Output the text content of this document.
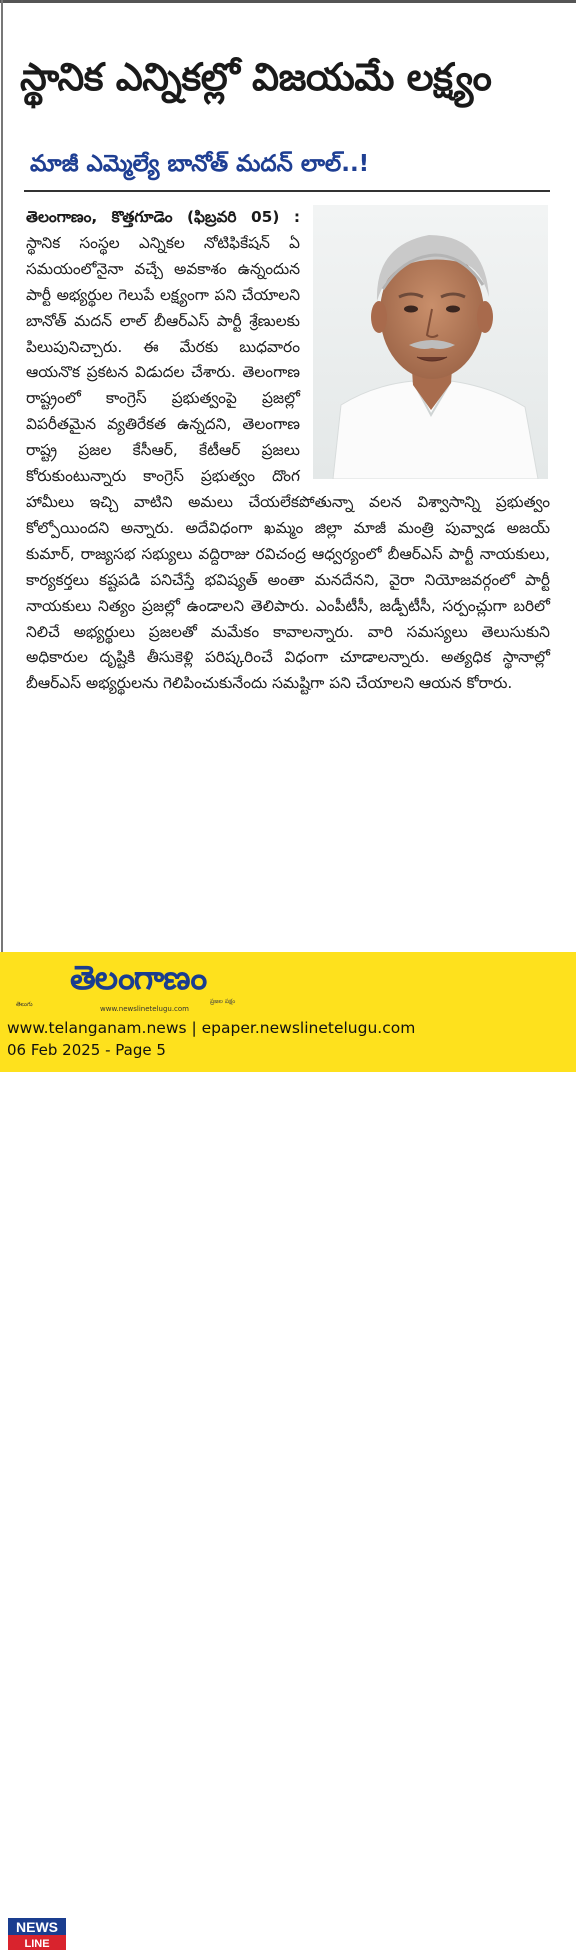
స్థానిక ఎన్నికల్లో విజయమే లక్ష్యం
మాజీ ఎమ్మెల్యే బానోత్ మదన్ లాల్..!
తెలంగాణం, కొత్తగూడెం (ఫిబ్రవరి 05) : స్థానిక సంస్థల ఎన్నికల నోటిఫికేషన్ ఏ సమయంలోనైనా వచ్చే అవకాశం ఉన్నందున పార్టీ అభ్యర్థుల గెలుపే లక్ష్యంగా పని చేయాలని బానోత్ మదన్ లాల్ బీఆర్ఎస్ పార్టీ శ్రేణులకు పిలుపునిచ్చారు. ఈ మేరకు బుధవారం ఆయనొక ప్రకటన విడుదల చేశారు. తెలంగాణ రాష్ట్రంలో కాంగ్రెస్ ప్రభుత్వంపై ప్రజల్లో విపరీతమైన వ్యతిరేకత ఉన్నదని, తెలంగాణ రాష్ట్ర ప్రజల కేసీఆర్, కేటీఆర్ ప్రజలు కోరుకుంటున్నారు కాంగ్రెస్ ప్రభుత్వం దొంగ హామీలు ఇచ్చి వాటిని అమలు చేయలేకపోతున్నా వలన విశ్వాసాన్ని ప్రభుత్వం కోల్పోయిందని అన్నారు. అదేవిధంగా ఖమ్మం జిల్లా మాజీ మంత్రి పువ్వాడ అజయ్ కుమార్, రాజ్యసభ సభ్యులు వద్దిరాజు రవిచంద్ర ఆధ్వర్యంలో బీఆర్ఎస్ పార్టీ నాయకులు, కార్యకర్తలు కష్టపడి పనిచేస్తే భవిష్యత్ అంతా మనదేనని, వైరా నియోజవర్గంలో పార్టీ నాయకులు నిత్యం ప్రజల్లో ఉండాలని తెలిపారు. ఎంపీటీసీ, జడ్పీటీసీ, సర్పంచ్లుగా బరిలో నిలిచే అభ్యర్థులు ప్రజలతో మమేకం కావాలన్నారు. వారి సమస్యలు తెలుసుకుని అధికారుల దృష్టికి తీసుకెళ్లి పరిష్కరించే విధంగా చూడాలన్నారు. అత్యధిక స్థానాల్లో బీఆర్ఎస్ అభ్యర్థులను గెలిపించుకునేందు సమష్టిగా పని చేయాలని ఆయన కోరారు.
NEWS
LINE
తెలంగాణం
తెలుగు
www.newslinetelugu.com
ప్రజల పక్షం
www.telanganam.news | epaper.newslinetelugu.com
06 Feb 2025 - Page 5
